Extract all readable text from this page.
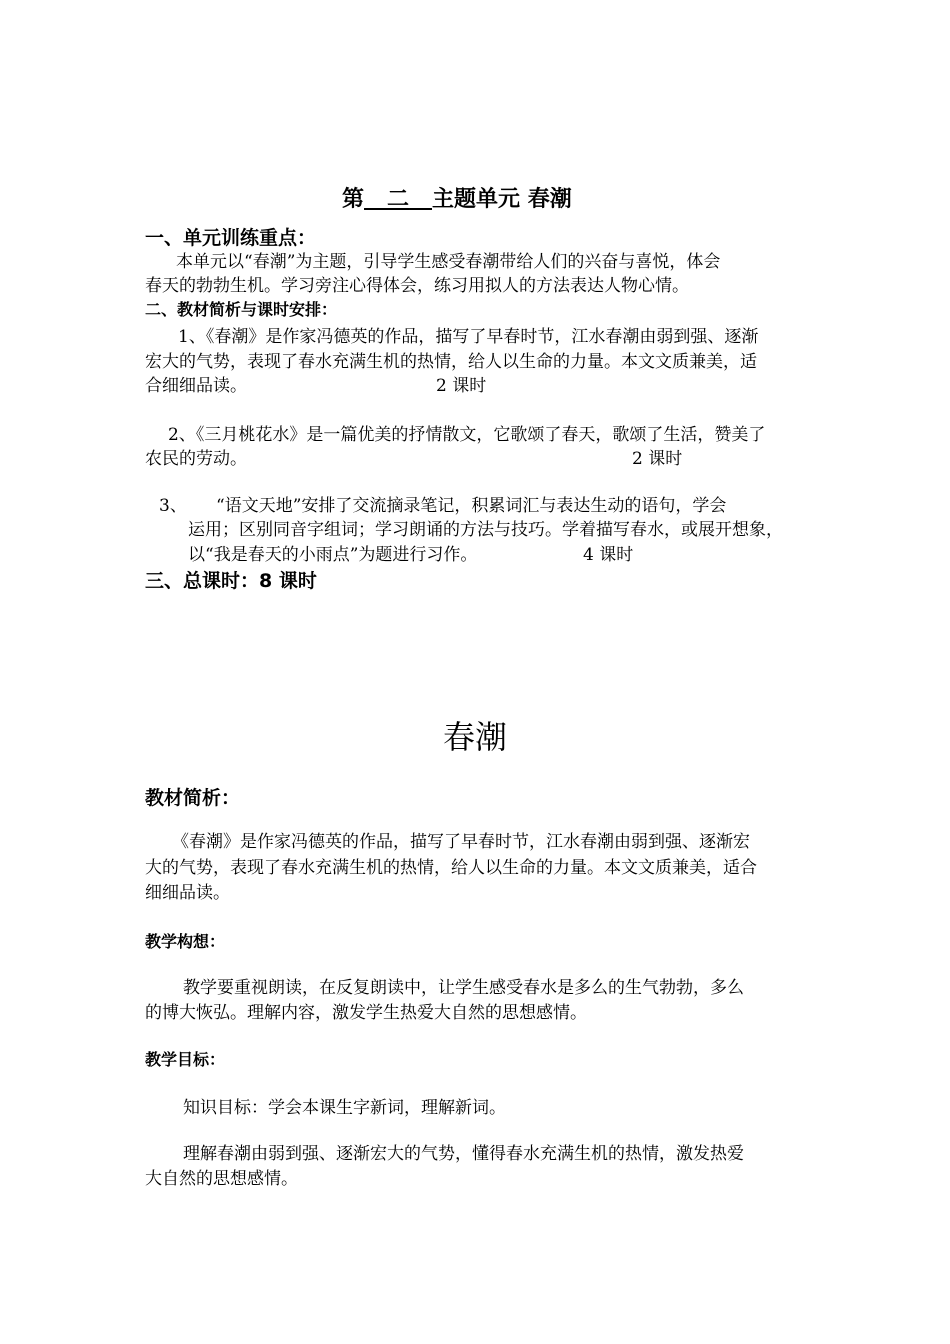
第 二 主题单元 春潮
一、单元训练重点：
本单元以“春潮”为主题，引导学生感受春潮带给人们的兴奋与喜悦，体会
春天的勃勃生机。学习旁注心得体会，练习用拟人的方法表达人物心情。
二、教材简析与课时安排：
1、《春潮》是作家冯德英的作品，描写了早春时节，江水春潮由弱到强、逐渐
宏大的气势，表现了春水充满生机的热情，给人以生命的力量。本文文质兼美，适
合细细品读。	2 课时
2、《三月桃花水》是一篇优美的抒情散文，它歌颂了春天，歌颂了生活，赞美了
农民的劳动。	2 课时
3、 “语文天地”安排了交流摘录笔记，积累词汇与表达生动的语句，学会
运用；区别同音字组词；学习朗诵的方法与技巧。学着描写春水，或展开想象，
以“我是春天的小雨点”为题进行习作。	4 课时
三、总课时：8 课时
春潮
教材简析：
《春潮》是作家冯德英的作品，描写了早春时节，江水春潮由弱到强、逐渐宏
大的气势，表现了春水充满生机的热情，给人以生命的力量。本文文质兼美，适合
细细品读。
教学构想：
教学要重视朗读，在反复朗读中，让学生感受春水是多么的生气勃勃，多么
的博大恢弘。理解内容，激发学生热爱大自然的思想感情。
教学目标：
知识目标：学会本课生字新词，理解新词。
理解春潮由弱到强、逐渐宏大的气势，懂得春水充满生机的热情，激发热爱
大自然的思想感情。
